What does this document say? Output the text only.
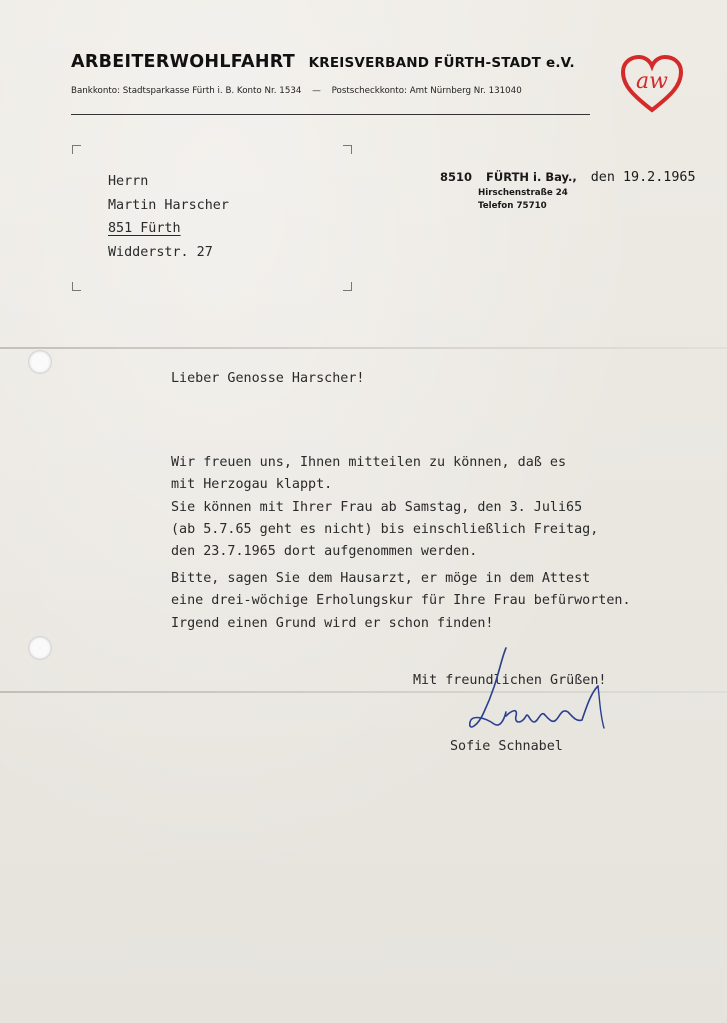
ARBEITERWOHLFAHRT KREISVERBAND FÜRTH-STADT e.V.
Bankkonto: Stadtsparkasse Fürth i. B. Konto Nr. 1534 — Postscheckkonto: Amt Nürnberg Nr. 131040	aw
Herrn
Martin Harscher
851 Fürth
Widderstr. 27
8510 FÜRTH i. Bay., den 19.2.1965
Hirschenstraße 24
Telefon 75710
Lieber Genosse Harscher!
Wir freuen uns, Ihnen mitteilen zu können, daß es
mit Herzogau klappt.
Sie können mit Ihrer Frau ab Samstag, den 3. Juli65
(ab 5.7.65 geht es nicht) bis einschließlich Freitag,
den 23.7.1965 dort aufgenommen werden.
Bitte, sagen Sie dem Hausarzt, er möge in dem Attest
eine drei-wöchige Erholungskur für Ihre Frau befürworten.
Irgend einen Grund wird er schon finden!
Mit freundlichen Grüßen!
Sofie Schnabel
